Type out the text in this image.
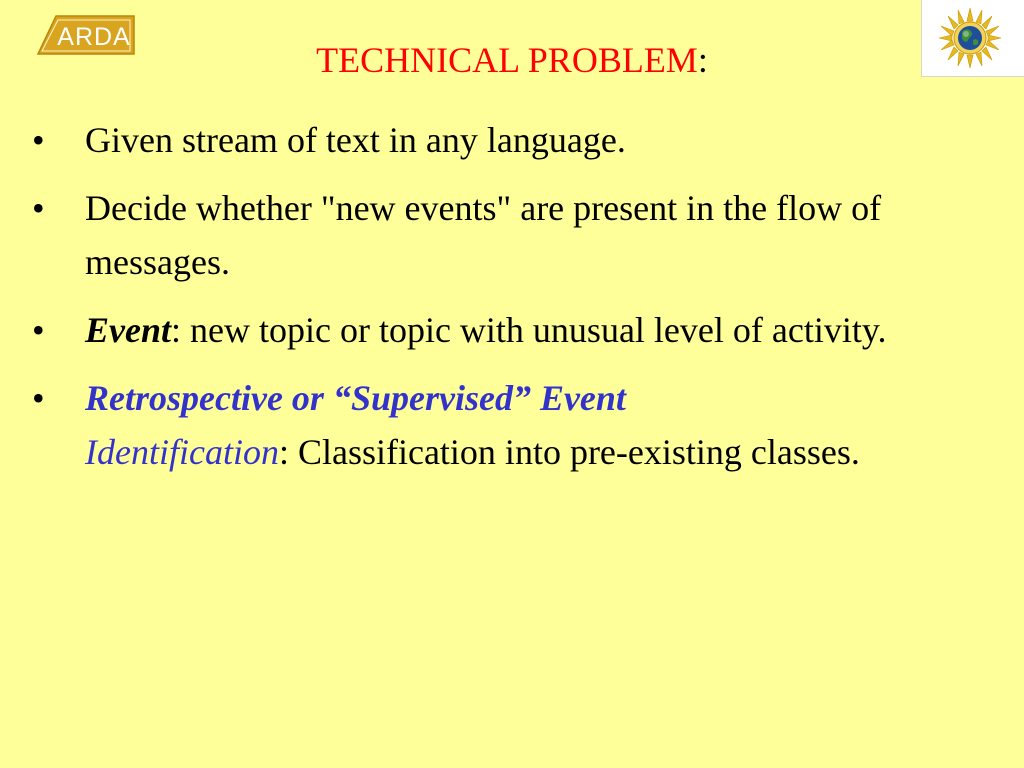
ARDA
TECHNICAL PROBLEM:
• Given stream of text in any language.
• Decide whether "new events" are present in the flow of messages.
• Event: new topic or topic with unusual level of activity.
• Retrospective or “Supervised” Event
Identification: Classification into pre-existing classes.
